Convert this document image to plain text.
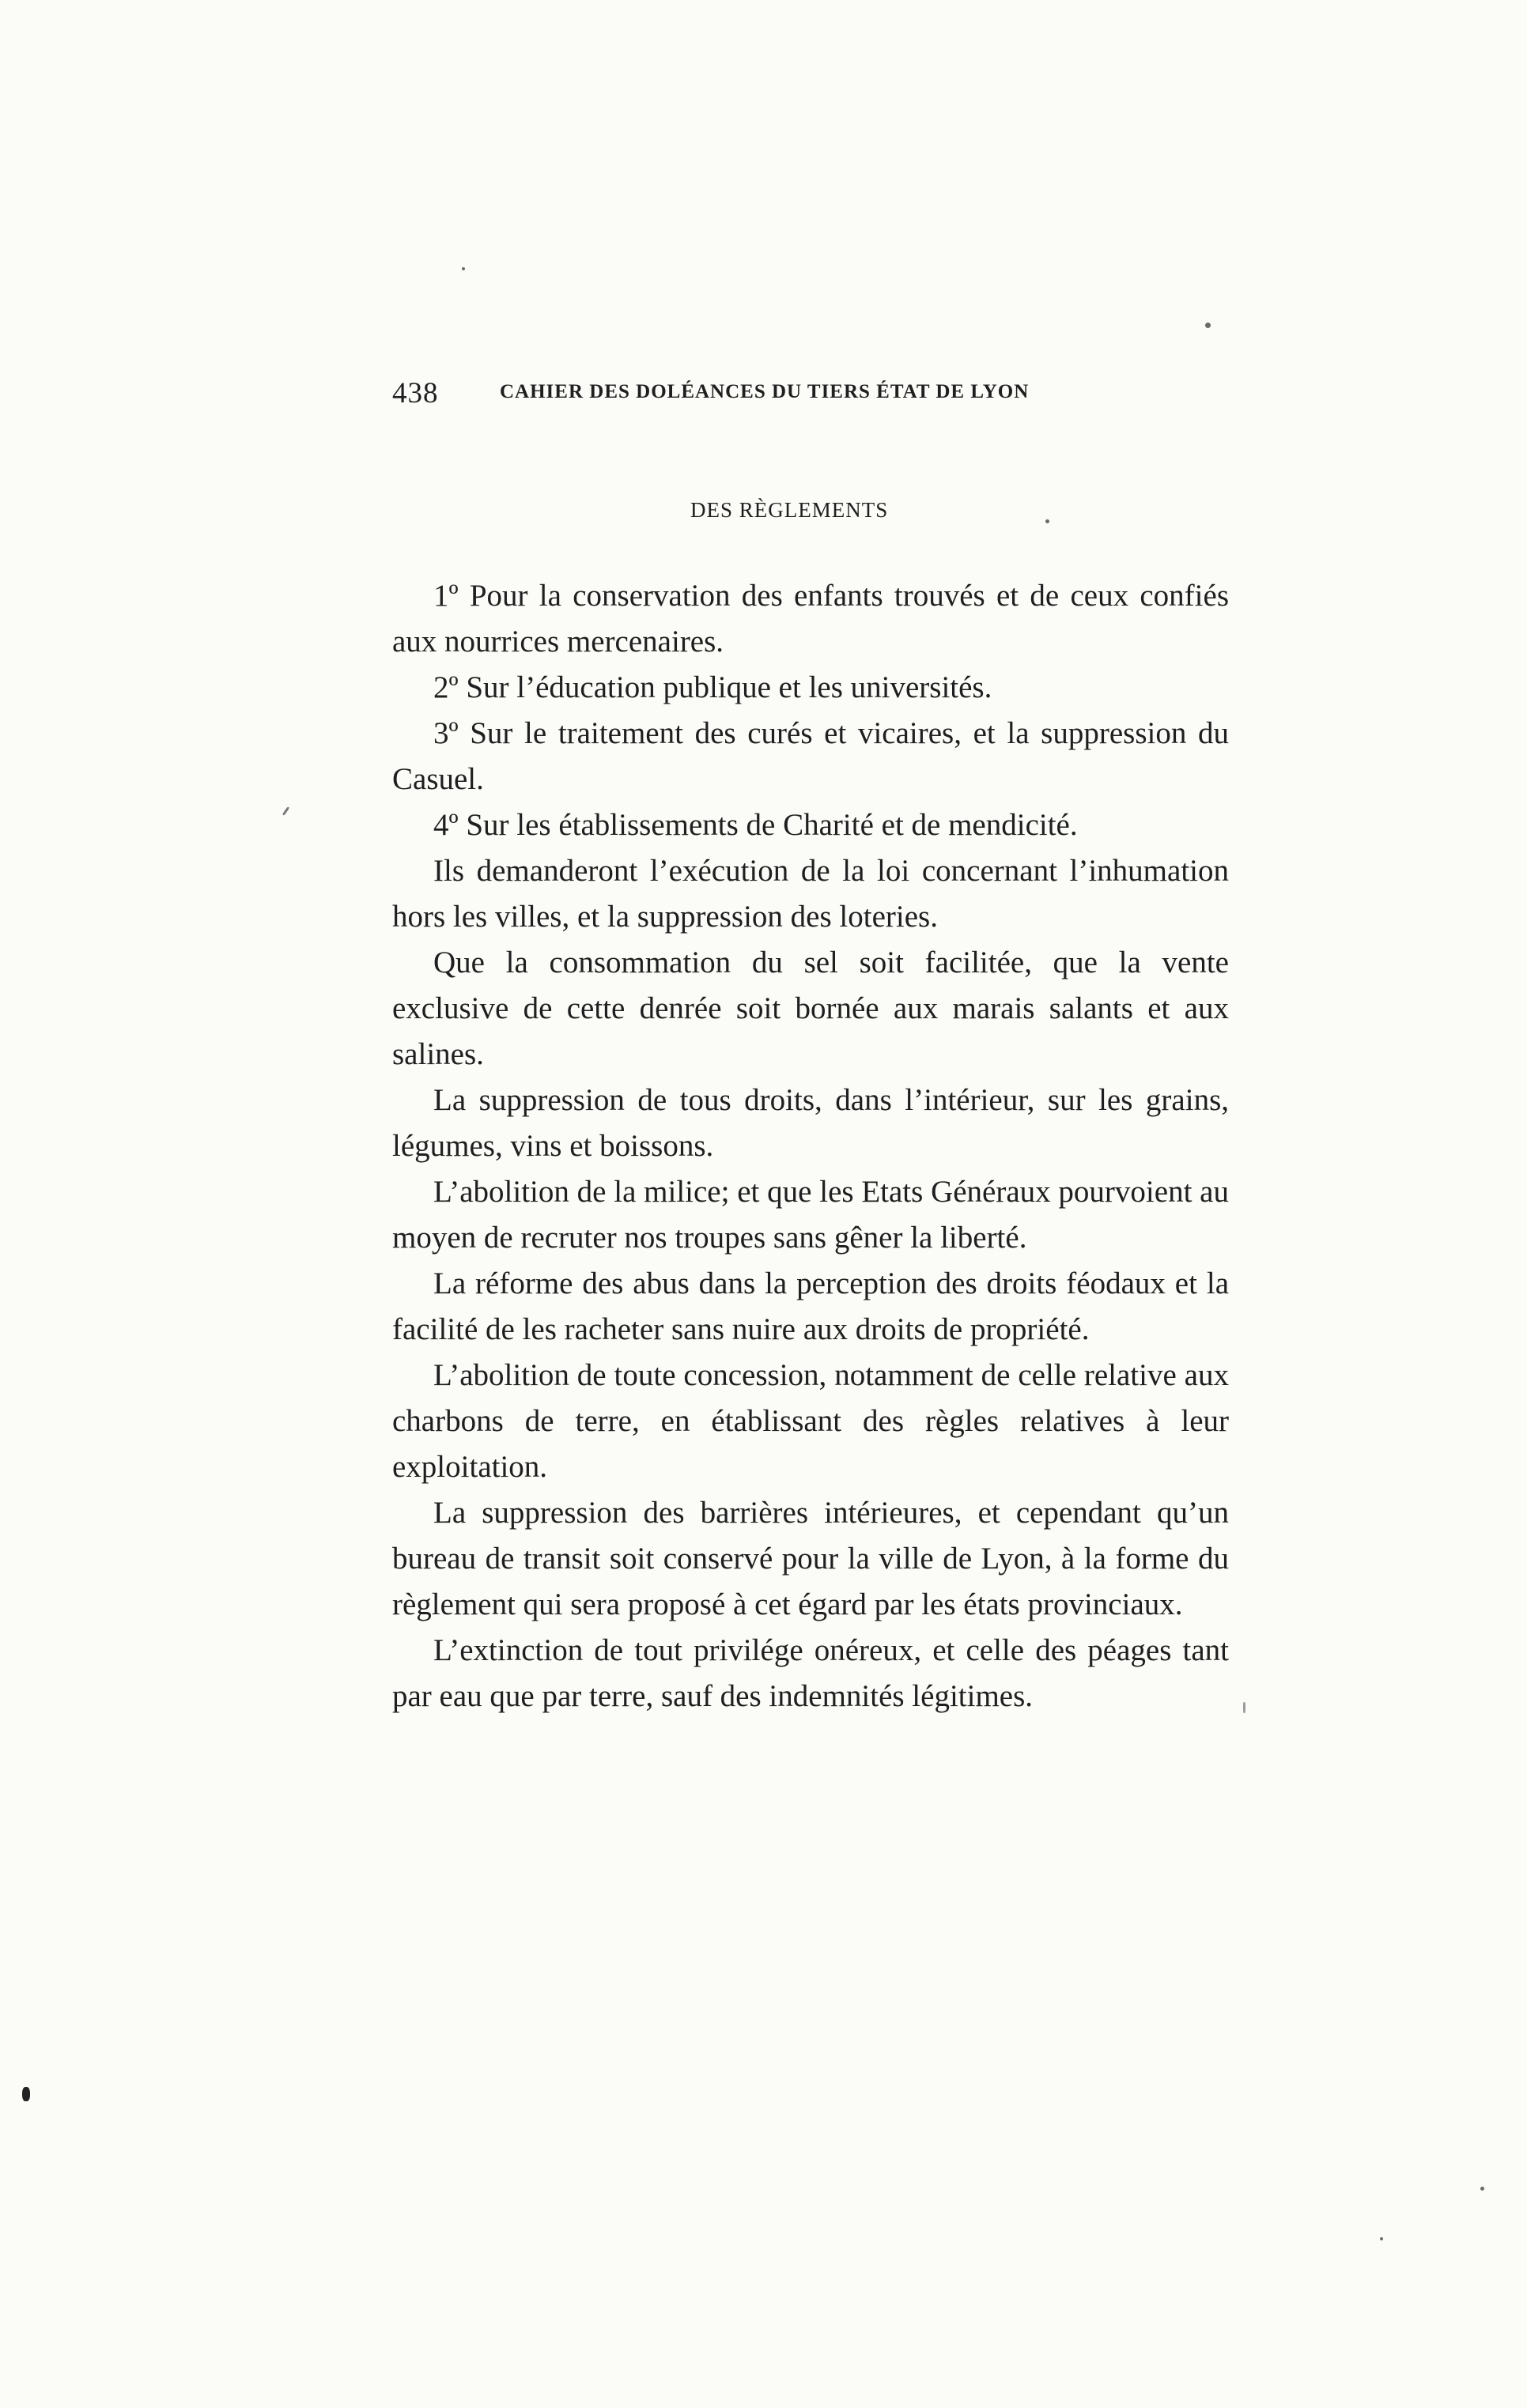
438	CAHIER DES DOLÉANCES DU TIERS ÉTAT DE LYON
DES RÈGLEMENTS

1º Pour la conservation des enfants trouvés et de ceux confiés aux nourrices mercenaires.

2º Sur l’éducation publique et les universités.

3º Sur le traitement des curés et vicaires, et la suppression du Casuel.

4º Sur les établissements de Charité et de mendicité.

Ils demanderont l’exécution de la loi concernant l’inhumation hors les villes, et la suppression des loteries.

Que la consommation du sel soit facilitée, que la vente exclusive de cette denrée soit bornée aux marais salants et aux salines.

La suppression de tous droits, dans l’intérieur, sur les grains, légumes, vins et boissons.

L’abolition de la milice; et que les Etats Généraux pourvoient au moyen de recruter nos troupes sans gêner la liberté.

La réforme des abus dans la perception des droits féodaux et la facilité de les racheter sans nuire aux droits de propriété.

L’abolition de toute concession, notamment de celle relative aux charbons de terre, en établissant des règles relatives à leur exploitation.

La suppression des barrières intérieures, et cependant qu’un bureau de transit soit conservé pour la ville de Lyon, à la forme du règlement qui sera proposé à cet égard par les états provinciaux.

L’extinction de tout privilége onéreux, et celle des péages tant par eau que par terre, sauf des indemnités légitimes.
